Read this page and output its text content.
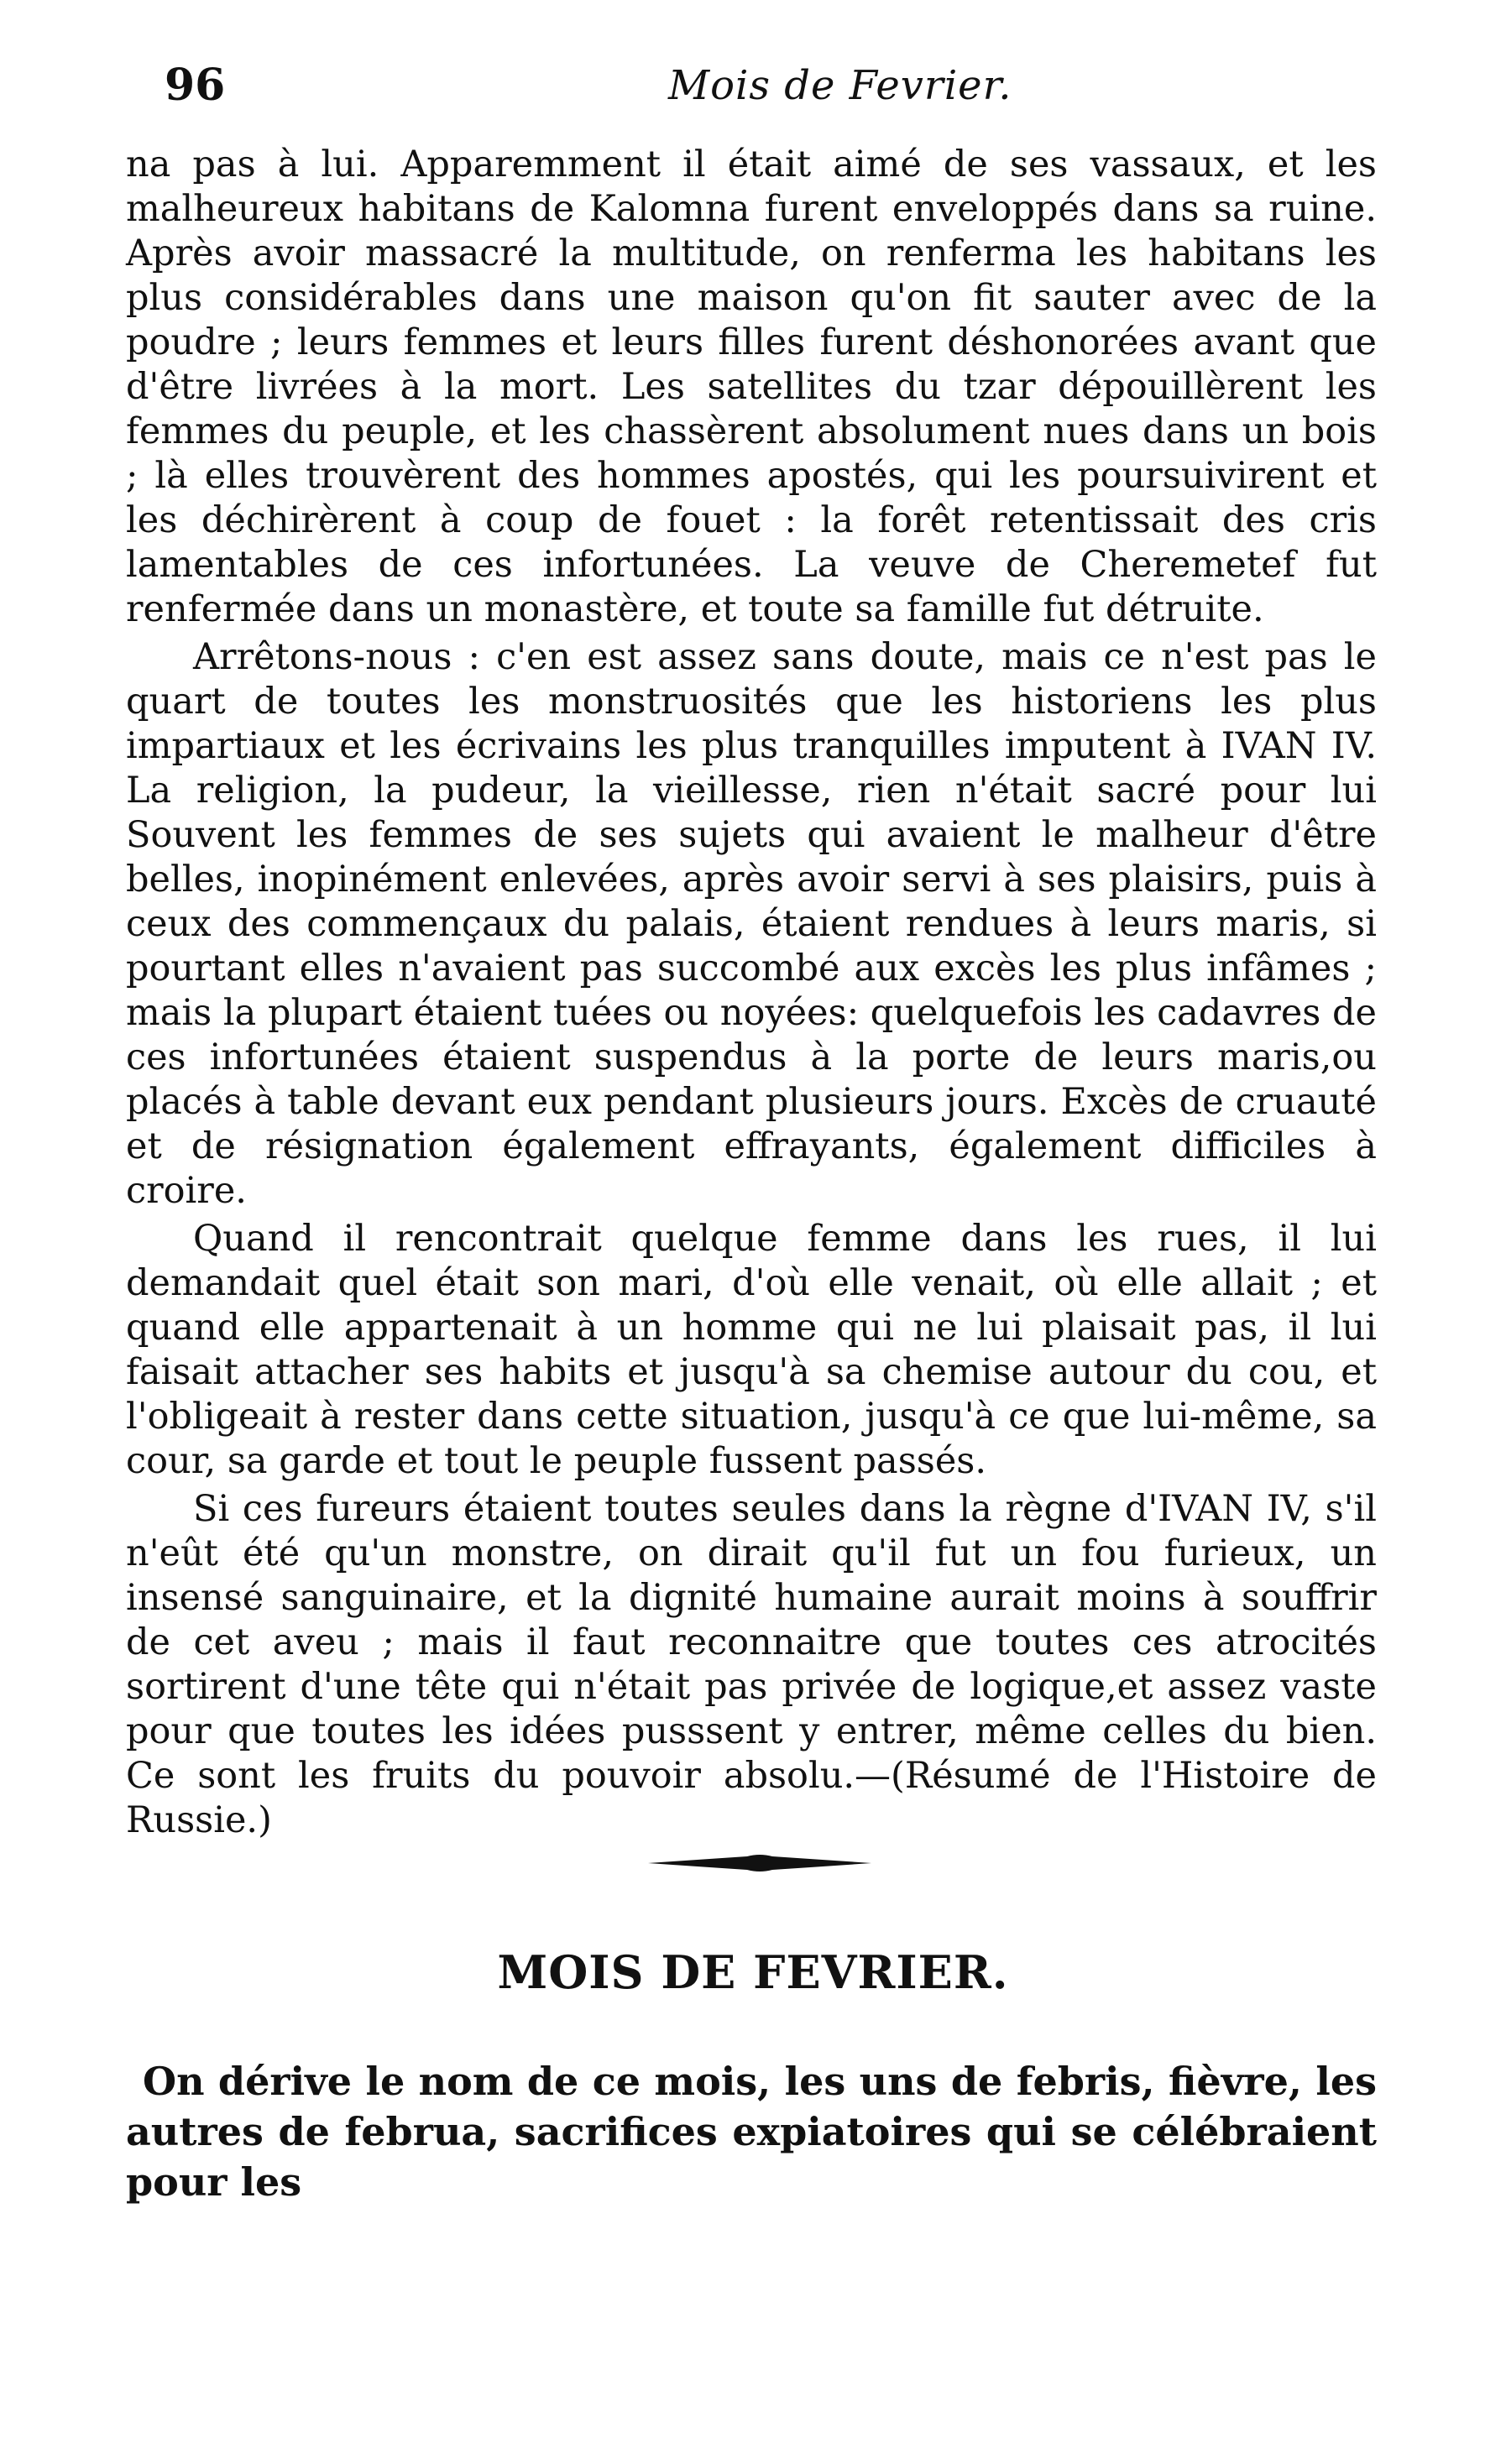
96	Mois de Fevrier.

na pas à lui. Apparemment il était aimé de ses vassaux, et les malheureux habitans de Kalomna furent enveloppés dans sa ruine. Après avoir massacré la multitude, on renferma les habitans les plus considérables dans une maison qu'on fit sauter avec de la poudre ; leurs femmes et leurs filles furent déshonorées avant que d'être livrées à la mort. Les satellites du tzar dépouillèrent les femmes du peuple, et les chassèrent absolument nues dans un bois ; là elles trouvèrent des hommes apostés, qui les poursuivirent et les déchirèrent à coup de fouet : la forêt retentissait des cris lamentables de ces infortunées. La veuve de Cheremetef fut renfermée dans un monastère, et toute sa famille fut détruite.

Arrêtons-nous : c'en est assez sans doute, mais ce n'est pas le quart de toutes les monstruosités que les historiens les plus impartiaux et les écrivains les plus tranquilles imputent à IVAN IV. La religion, la pudeur, la vieillesse, rien n'était sacré pour lui Souvent les femmes de ses sujets qui avaient le malheur d'être belles, inopinément enlevées, après avoir servi à ses plaisirs, puis à ceux des commençaux du palais, étaient rendues à leurs maris, si pourtant elles n'avaient pas succombé aux excès les plus infâmes ; mais la plupart étaient tuées ou noyées: quelquefois les cadavres de ces infortunées étaient suspendus à la porte de leurs maris,ou placés à table devant eux pendant plusieurs jours. Excès de cruauté et de résignation également effrayants, également difficiles à croire.

Quand il rencontrait quelque femme dans les rues, il lui demandait quel était son mari, d'où elle venait, où elle allait ; et quand elle appartenait à un homme qui ne lui plaisait pas, il lui faisait attacher ses habits et jusqu'à sa chemise autour du cou, et l'obligeait à rester dans cette situation, jusqu'à ce que lui-même, sa cour, sa garde et tout le peuple fussent passés.

Si ces fureurs étaient toutes seules dans la règne d'IVAN IV, s'il n'eût été qu'un monstre, on dirait qu'il fut un fou furieux, un insensé sanguinaire, et la dignité humaine aurait moins à souffrir de cet aveu ; mais il faut reconnaitre que toutes ces atrocités sortirent d'une tête qui n'était pas privée de logique,et assez vaste pour que toutes les idées pusssent y entrer, même celles du bien. Ce sont les fruits du pouvoir absolu.—(Résumé de l'Histoire de Russie.)

MOIS DE FEVRIER.

On dérive le nom de ce mois, les uns de febris, fièvre, les autres de februa, sacrifices expiatoires qui se célébraient pour les
